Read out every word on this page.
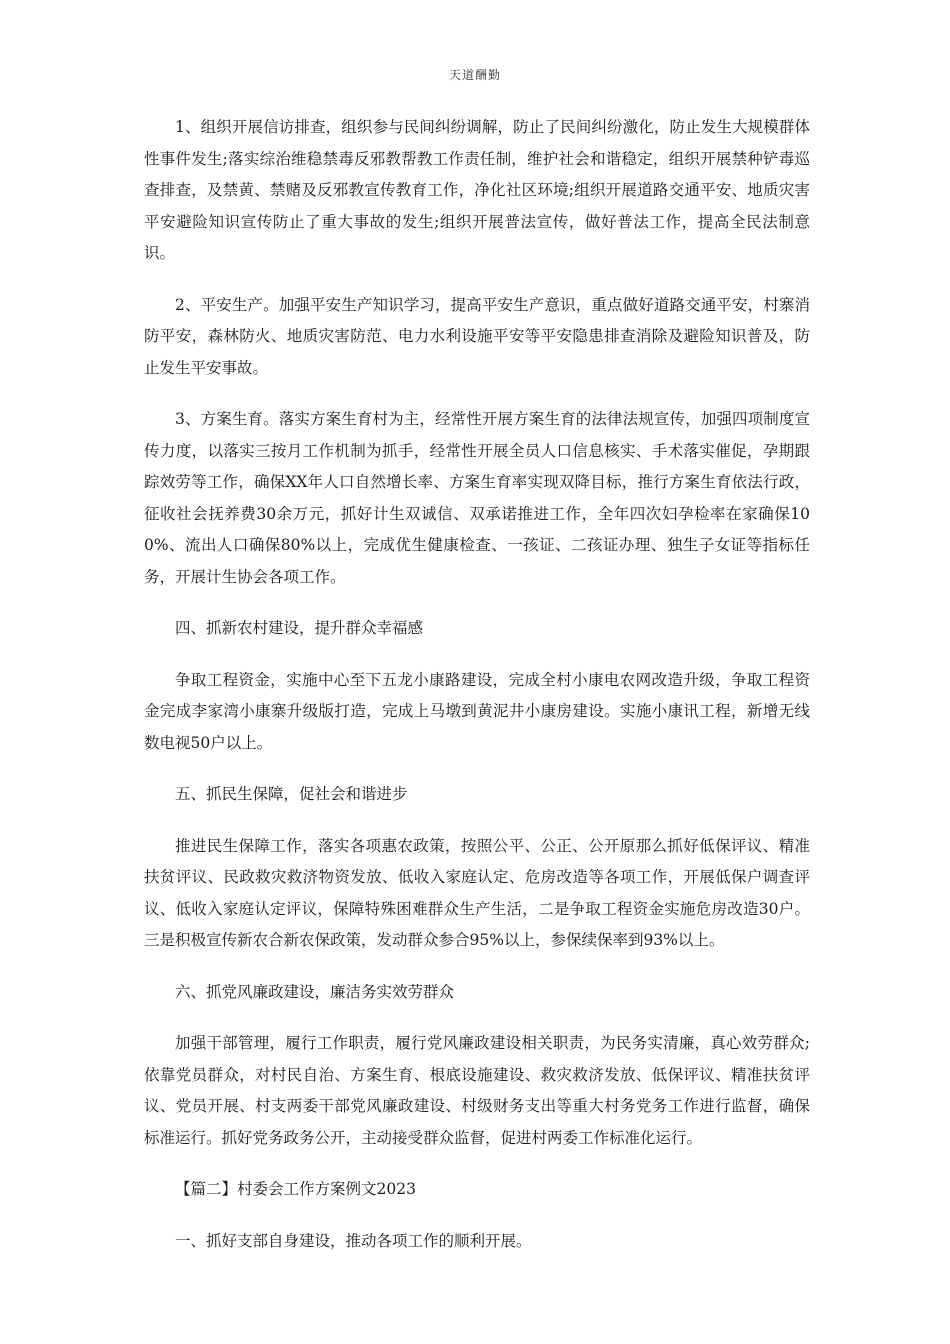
天道酬勤

1、组织开展信访排查，组织参与民间纠纷调解，防止了民间纠纷激化，防止发生大规模群体性事件发生;落实综治维稳禁毒反邪教帮教工作责任制，维护社会和谐稳定，组织开展禁种铲毒巡查排查，及禁黄、禁赌及反邪教宣传教育工作，净化社区环境;组织开展道路交通平安、地质灾害平安避险知识宣传防止了重大事故的发生;组织开展普法宣传，做好普法工作，提高全民法制意识。

2、平安生产。加强平安生产知识学习，提高平安生产意识，重点做好道路交通平安，村寨消防平安，森林防火、地质灾害防范、电力水利设施平安等平安隐患排查消除及避险知识普及，防止发生平安事故。

3、方案生育。落实方案生育村为主，经常性开展方案生育的法律法规宣传，加强四项制度宣传力度，以落实三按月工作机制为抓手，经常性开展全员人口信息核实、手术落实催促，孕期跟踪效劳等工作，确保XX年人口自然增长率、方案生育率实现双降目标，推行方案生育依法行政，征收社会抚养费30余万元，抓好计生双诚信、双承诺推进工作，全年四次妇孕检率在家确保100%、流出人口确保80%以上，完成优生健康检查、一孩证、二孩证办理、独生子女证等指标任务，开展计生协会各项工作。

四、抓新农村建设，提升群众幸福感

争取工程资金，实施中心至下五龙小康路建设，完成全村小康电农网改造升级，争取工程资金完成李家湾小康寨升级版打造，完成上马墩到黄泥井小康房建设。实施小康讯工程，新增无线数电视50户以上。

五、抓民生保障，促社会和谐进步

推进民生保障工作，落实各项惠农政策，按照公平、公正、公开原那么抓好低保评议、精准扶贫评议、民政救灾救济物资发放、低收入家庭认定、危房改造等各项工作，开展低保户调查评议、低收入家庭认定评议，保障特殊困难群众生产生活，二是争取工程资金实施危房改造30户。三是积极宣传新农合新农保政策，发动群众参合95%以上，参保续保率到93%以上。

六、抓党风廉政建设，廉洁务实效劳群众

加强干部管理，履行工作职责，履行党风廉政建设相关职责，为民务实清廉，真心效劳群众;依靠党员群众，对村民自治、方案生育、根底设施建设、救灾救济发放、低保评议、精准扶贫评议、党员开展、村支两委干部党风廉政建设、村级财务支出等重大村务党务工作进行监督，确保标准运行。抓好党务政务公开，主动接受群众监督，促进村两委工作标准化运行。

【篇二】村委会工作方案例文2023

一、抓好支部自身建设，推动各项工作的顺利开展。
